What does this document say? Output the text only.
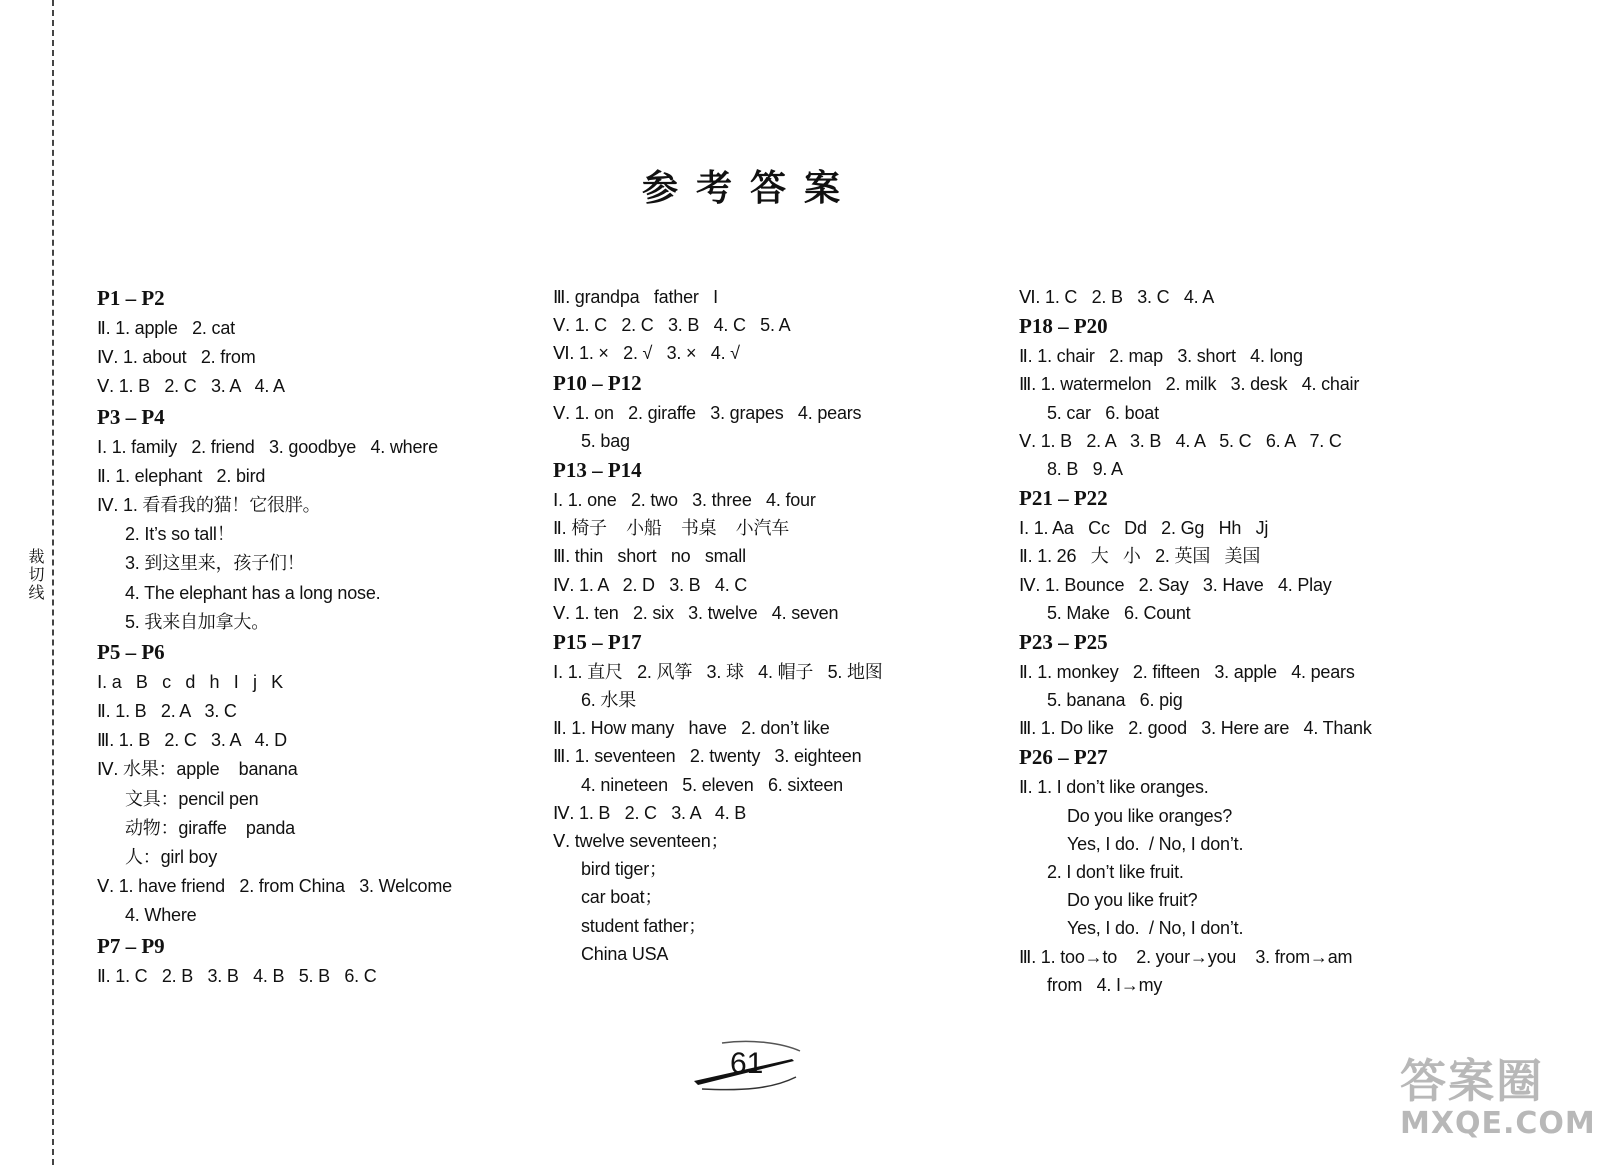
裁切线
参考答案
P1 – P2
Ⅱ. 1. apple   2. cat
Ⅳ. 1. about   2. from
Ⅴ. 1. B   2. C   3. A   4. A
P3 – P4
Ⅰ. 1. family   2. friend   3. goodbye   4. where
Ⅱ. 1. elephant   2. bird
Ⅳ. 1. 看看我的猫！它很胖。
2. It’s so tall！
3. 到这里来，孩子们！
4. The elephant has a long nose.
5. 我来自加拿大。
P5 – P6
Ⅰ. a   B   c   d   h   I   j   K
Ⅱ. 1. B   2. A   3. C
Ⅲ. 1. B   2. C   3. A   4. D
Ⅳ. 水果：apple    banana
文具：pencil pen
动物：giraffe    panda
人：girl boy
Ⅴ. 1. have friend   2. from China   3. Welcome
4. Where
P7 – P9
Ⅱ. 1. C   2. B   3. B   4. B   5. B   6. C
Ⅲ. grandpa   father   I
Ⅴ. 1. C   2. C   3. B   4. C   5. A
Ⅵ. 1. ×   2. √   3. ×   4. √
P10 – P12
Ⅴ. 1. on   2. giraffe   3. grapes   4. pears
5. bag
P13 – P14
Ⅰ. 1. one   2. two   3. three   4. four
Ⅱ. 椅子    小船    书桌    小汽车
Ⅲ. thin   short   no   small
Ⅳ. 1. A   2. D   3. B   4. C
Ⅴ. 1. ten   2. six   3. twelve   4. seven
P15 – P17
Ⅰ. 1. 直尺   2. 风筝   3. 球   4. 帽子   5. 地图
6. 水果
Ⅱ. 1. How many   have   2. don’t like
Ⅲ. 1. seventeen   2. twenty   3. eighteen
4. nineteen   5. eleven   6. sixteen
Ⅳ. 1. B   2. C   3. A   4. B
Ⅴ. twelve seventeen；
bird tiger；
car boat；
student father；
China USA
Ⅵ. 1. C   2. B   3. C   4. A
P18 – P20
Ⅱ. 1. chair   2. map   3. short   4. long
Ⅲ. 1. watermelon   2. milk   3. desk   4. chair
5. car   6. boat
Ⅴ. 1. B   2. A   3. B   4. A   5. C   6. A   7. C
8. B   9. A
P21 – P22
Ⅰ. 1. Aa   Cc   Dd   2. Gg   Hh   Jj
Ⅱ. 1. 26   大   小   2. 英国   美国
Ⅳ. 1. Bounce   2. Say   3. Have   4. Play
5. Make   6. Count
P23 – P25
Ⅱ. 1. monkey   2. fifteen   3. apple   4. pears
5. banana   6. pig
Ⅲ. 1. Do like   2. good   3. Here are   4. Thank
P26 – P27
Ⅱ. 1. I don’t like oranges.
Do you like oranges?
Yes, I do.  / No, I don’t.
2. I don’t like fruit.
Do you like fruit?
Yes, I do.  / No, I don’t.
Ⅲ. 1. too→to    2. your→you    3. from→am
from   4. I→my
61	答案圈
MXQE.COM
